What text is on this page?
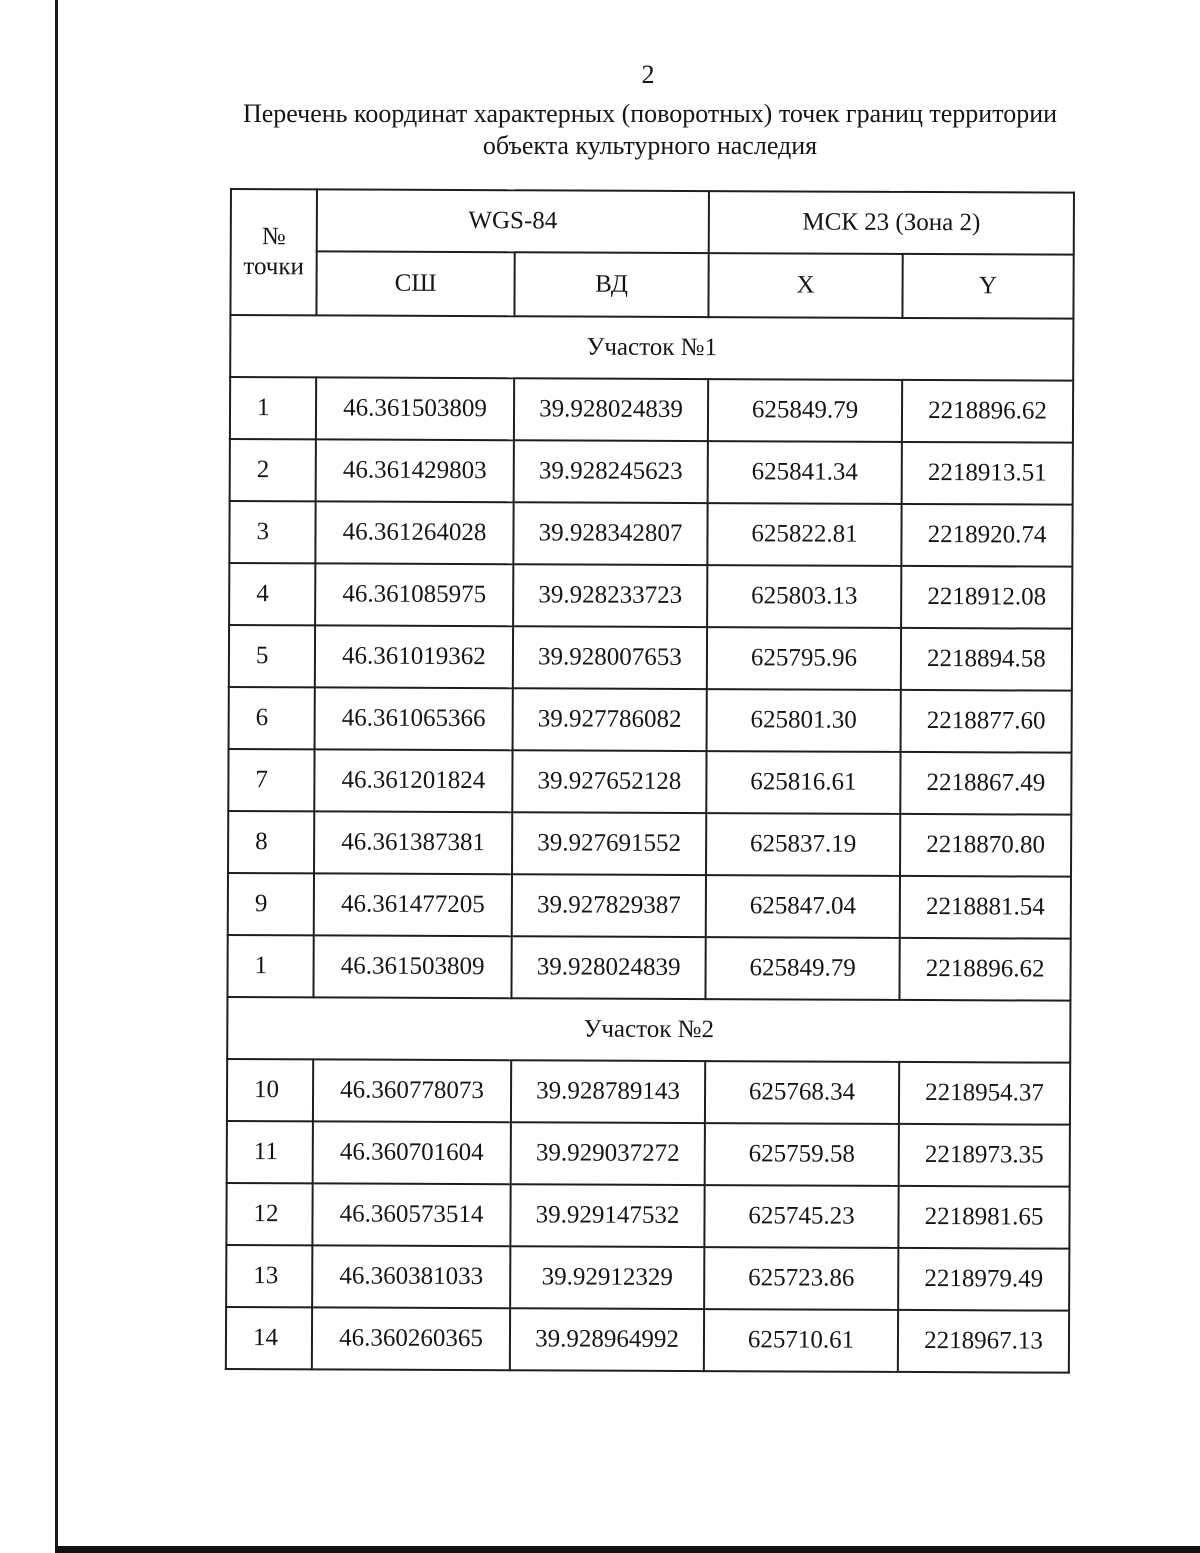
2
Перечень координат характерных (поворотных) точек границ территории
объекта культурного наследия
№
точки	WGS-84		МСК 23 (Зона 2)	
	СШ	ВД	X	Y
Участок №1				
1	46.361503809	39.928024839	625849.79	2218896.62
2	46.361429803	39.928245623	625841.34	2218913.51
3	46.361264028	39.928342807	625822.81	2218920.74
4	46.361085975	39.928233723	625803.13	2218912.08
5	46.361019362	39.928007653	625795.96	2218894.58
6	46.361065366	39.927786082	625801.30	2218877.60
7	46.361201824	39.927652128	625816.61	2218867.49
8	46.361387381	39.927691552	625837.19	2218870.80
9	46.361477205	39.927829387	625847.04	2218881.54
1	46.361503809	39.928024839	625849.79	2218896.62
Участок №2				
10	46.360778073	39.928789143	625768.34	2218954.37
11	46.360701604	39.929037272	625759.58	2218973.35
12	46.360573514	39.929147532	625745.23	2218981.65
13	46.360381033	39.92912329	625723.86	2218979.49
14	46.360260365	39.928964992	625710.61	2218967.13
